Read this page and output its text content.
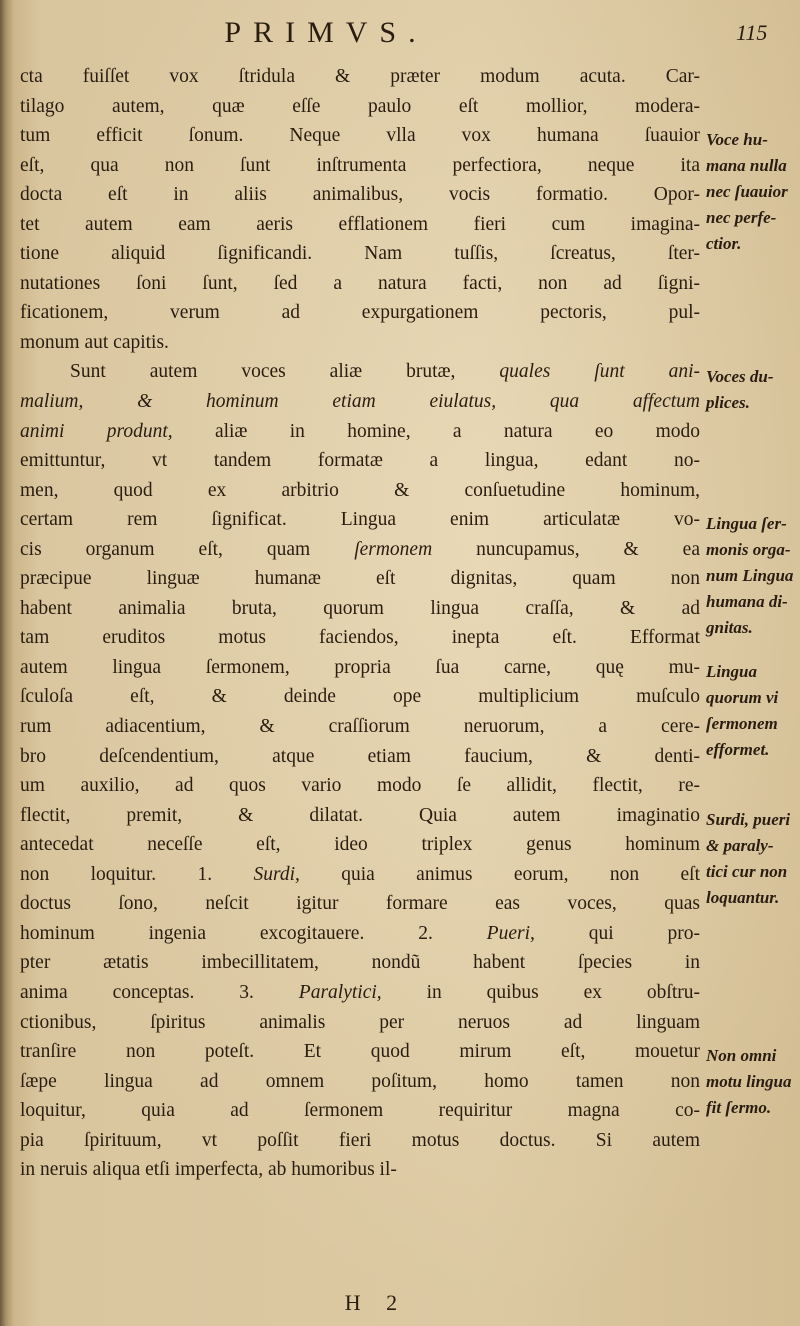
PRIMVS.	115
cta fuiſſet vox ſtridula & præter modum acuta. Car-
tilago autem, quæ eſſe paulo eſt mollior, modera-
tum efficit ſonum. Neque vlla vox humana ſuauior
eſt, qua non ſunt inſtrumenta perfectiora, neque ita
docta eſt in aliis animalibus, vocis formatio. Opor-
tet autem eam aeris efflationem fieri cum imagina-
tione aliquid ſignificandi. Nam tuſſis, ſcreatus, ſter-
nutationes ſoni ſunt, ſed a natura facti, non ad ſigni-
ficationem, verum ad expurgationem pectoris, pul-
monum aut capitis.
Sunt autem voces aliæ brutæ, quales ſunt ani-
malium, & hominum etiam eiulatus, qua affectum
animi produnt, aliæ in homine, a natura eo modo
emittuntur, vt tandem formatæ a lingua, edant no-
men, quod ex arbitrio & conſuetudine hominum,
certam rem ſignificat. Lingua enim articulatæ vo-
cis organum eſt, quam ſermonem nuncupamus, & ea
præcipue linguæ humanæ eſt dignitas, quam non
habent animalia bruta, quorum lingua craſſa, & ad
tam eruditos motus faciendos, inepta eſt. Efformat
autem lingua ſermonem, propria ſua carne, quę mu-
ſculoſa eſt, & deinde ope multiplicium muſculo
rum adiacentium, & craſſiorum neruorum, a cere-
bro deſcendentium, atque etiam faucium, & denti-
um auxilio, ad quos vario modo ſe allidit, flectit, re-
flectit, premit, & dilatat. Quia autem imaginatio
antecedat neceſſe eſt, ideo triplex genus hominum
non loquitur. 1. Surdi, quia animus eorum, non eſt
doctus ſono, neſcit igitur formare eas voces, quas
hominum ingenia excogitauere. 2. Pueri, qui pro-
pter ætatis imbecillitatem, nondũ habent ſpecies in
anima conceptas. 3. Paralytici, in quibus ex obſtru-
ctionibus, ſpiritus animalis per neruos ad linguam
tranſire non poteſt. Et quod mirum eſt, mouetur
ſæpe lingua ad omnem poſitum, homo tamen non
loquitur, quia ad ſermonem requiritur magna co-
pia ſpirituum, vt poſſit fieri motus doctus. Si autem
in neruis aliqua etſi imperfecta, ab humoribus il-
Voce hu-
mana nulla
nec ſuauior
nec perfe-
ctior.
Voces du-
plices.
Lingua ſer-
monis orga-
num Lingua
humana di-
gnitas.
Lingua
quorum vi
ſermonem
efformet.
Surdi, pueri
& paraly-
tici cur non
loquantur.
Non omni
motu lingua
fit ſermo.
H 2
